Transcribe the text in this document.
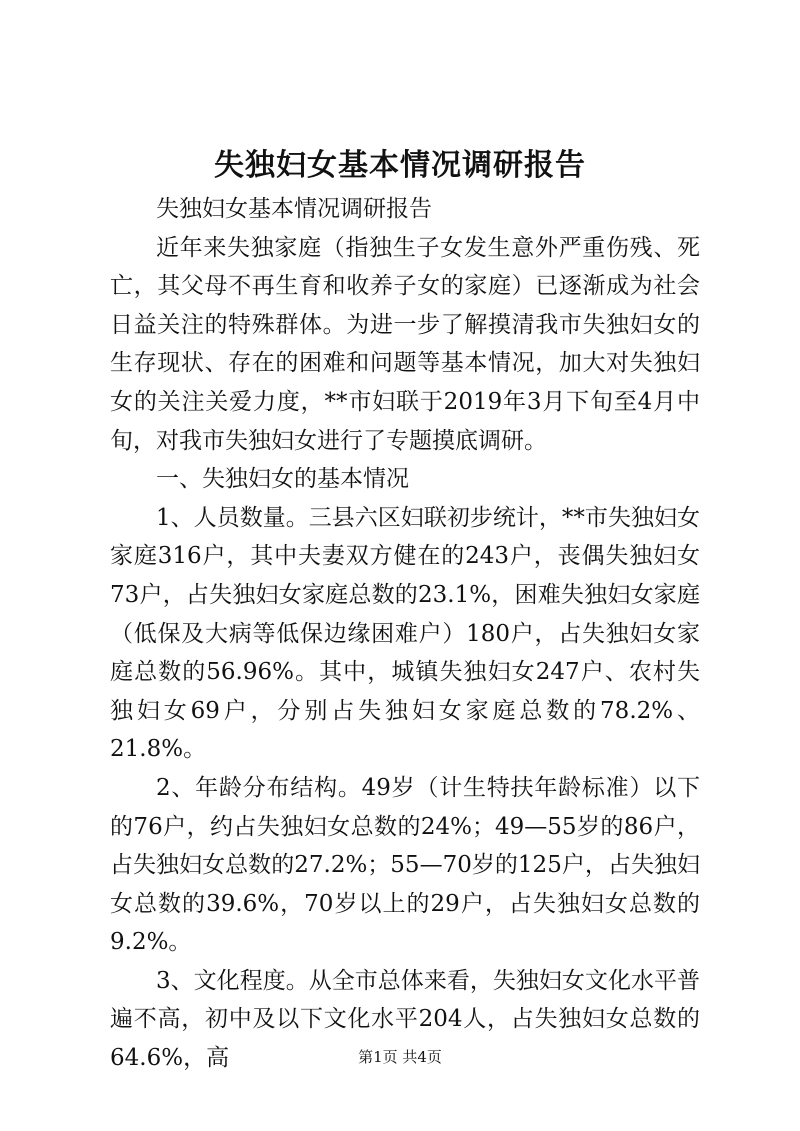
失独妇女基本情况调研报告

失独妇女基本情况调研报告

近年来失独家庭（指独生子女发生意外严重伤残、死亡，其父母不再生育和收养子女的家庭）已逐渐成为社会日益关注的特殊群体。为进一步了解摸清我市失独妇女的生存现状、存在的困难和问题等基本情况，加大对失独妇女的关注关爱力度，**市妇联于2019年3月下旬至4月中旬，对我市失独妇女进行了专题摸底调研。

一、失独妇女的基本情况

1、人员数量。三县六区妇联初步统计，**市失独妇女家庭316户，其中夫妻双方健在的243户，丧偶失独妇女73户，占失独妇女家庭总数的23.1%，困难失独妇女家庭（低保及大病等低保边缘困难户）180户，占失独妇女家庭总数的56.96%。其中，城镇失独妇女247户、农村失独妇女69户，分别占失独妇女家庭总数的78.2%、21.8%。

2、年龄分布结构。49岁（计生特扶年龄标准）以下的76户，约占失独妇女总数的24%；49—55岁的86户，占失独妇女总数的27.2%；55—70岁的125户，占失独妇女总数的39.6%，70岁以上的29户，占失独妇女总数的9.2%。

3、文化程度。从全市总体来看，失独妇女文化水平普遍不高，初中及以下文化水平204人，占失独妇女总数的64.6%，高	第1页 共4页
